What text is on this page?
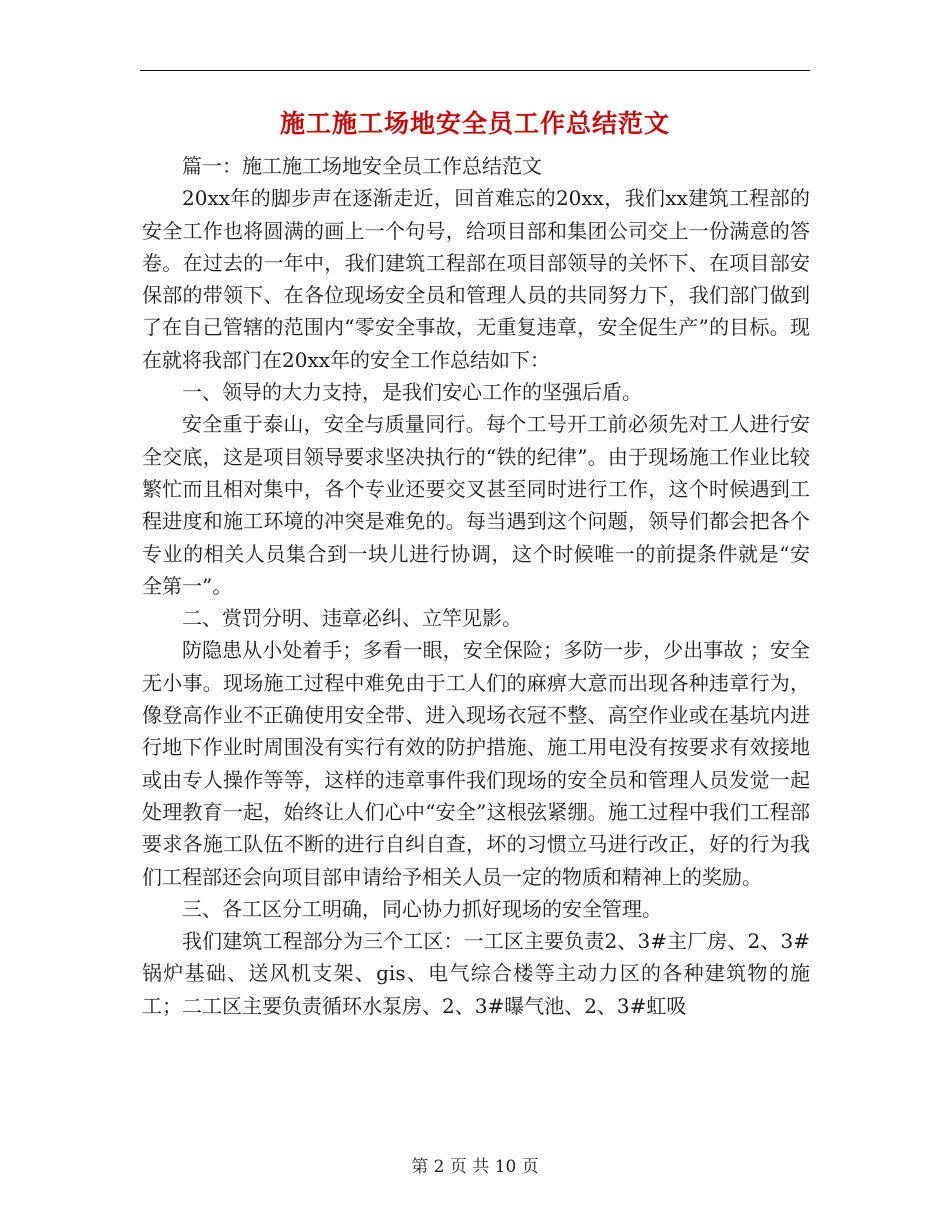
施工施工场地安全员工作总结范文

篇一：施工施工场地安全员工作总结范文

20xx年的脚步声在逐渐走近，回首难忘的20xx，我们xx建筑工程部的安全工作也将圆满的画上一个句号，给项目部和集团公司交上一份满意的答卷。在过去的一年中，我们建筑工程部在项目部领导的关怀下、在项目部安保部的带领下、在各位现场安全员和管理人员的共同努力下，我们部门做到了在自己管辖的范围内“零安全事故，无重复违章，安全促生产”的目标。现在就将我部门在20xx年的安全工作总结如下：

一、领导的大力支持，是我们安心工作的坚强后盾。

安全重于泰山，安全与质量同行。每个工号开工前必须先对工人进行安全交底，这是项目领导要求坚决执行的“铁的纪律”。由于现场施工作业比较繁忙而且相对集中，各个专业还要交叉甚至同时进行工作，这个时候遇到工程进度和施工环境的冲突是难免的。每当遇到这个问题，领导们都会把各个专业的相关人员集合到一块儿进行协调，这个时候唯一的前提条件就是“安全第一”。

二、赏罚分明、违章必纠、立竿见影。

防隐患从小处着手；多看一眼，安全保险；多防一步，少出事故 ；安全无小事。现场施工过程中难免由于工人们的麻痹大意而出现各种违章行为，像登高作业不正确使用安全带、进入现场衣冠不整、高空作业或在基坑内进行地下作业时周围没有实行有效的防护措施、施工用电没有按要求有效接地或由专人操作等等，这样的违章事件我们现场的安全员和管理人员发觉一起处理教育一起，始终让人们心中“安全”这根弦紧绷。施工过程中我们工程部要求各施工队伍不断的进行自纠自查，坏的习惯立马进行改正，好的行为我们工程部还会向项目部申请给予相关人员一定的物质和精神上的奖励。

三、各工区分工明确，同心协力抓好现场的安全管理。

我们建筑工程部分为三个工区：一工区主要负责2、3#主厂房、2、3#锅炉基础、送风机支架、gis、电气综合楼等主动力区的各种建筑物的施工；二工区主要负责循环水泵房、2、3#曝气池、2、3#虹吸

第 2 页 共 10 页
